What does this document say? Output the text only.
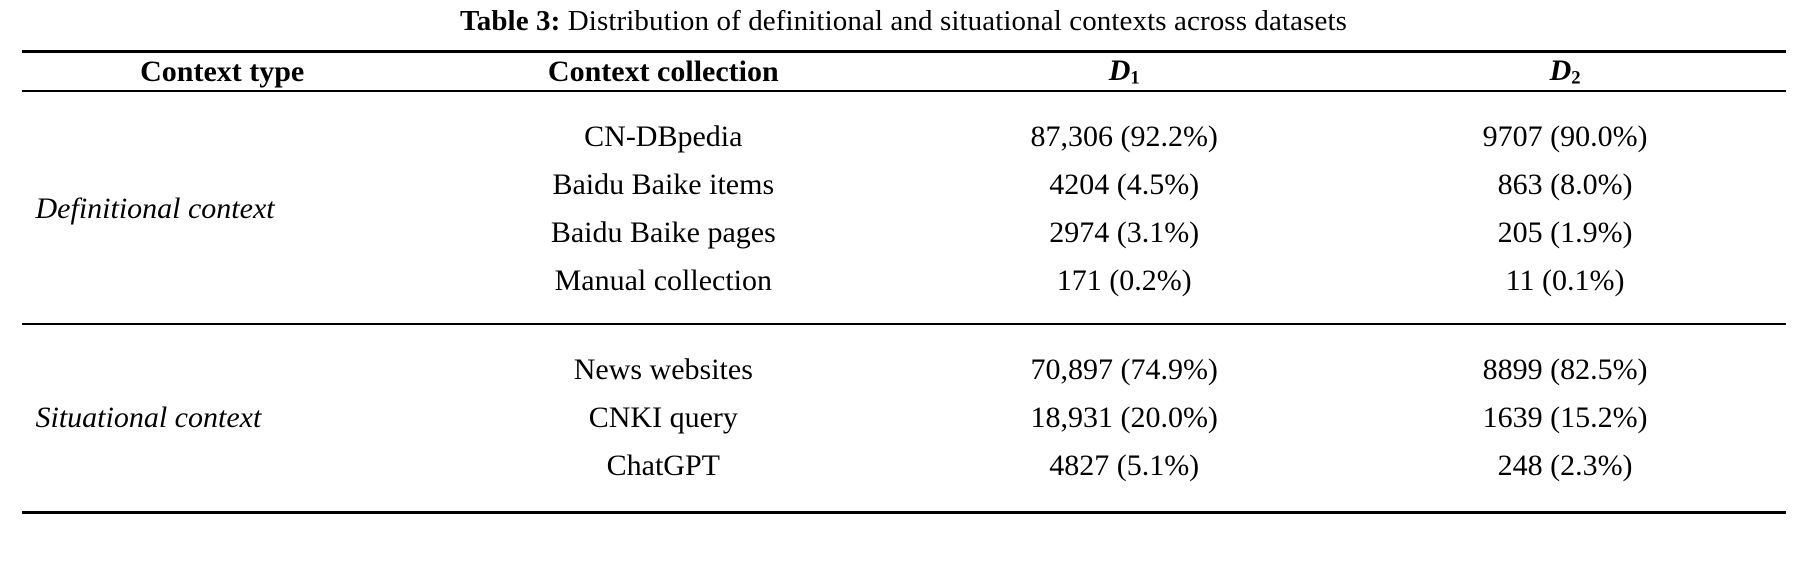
Table 3: Distribution of definitional and situational contexts across datasets

Context type	Context collection	$D_1$	$D_2$

Definitional context	CN-DBpedia	87,306 (92.2%)	9707 (90.0%)
	Baidu Baike items	4204 (4.5%)	863 (8.0%)
	Baidu Baike pages	2974 (3.1%)	205 (1.9%)
	Manual collection	171 (0.2%)	11 (0.1%)

Situational context	News websites	70,897 (74.9%)	8899 (82.5%)
	CNKI query	18,931 (20.0%)	1639 (15.2%)
	ChatGPT	4827 (5.1%)	248 (2.3%)
